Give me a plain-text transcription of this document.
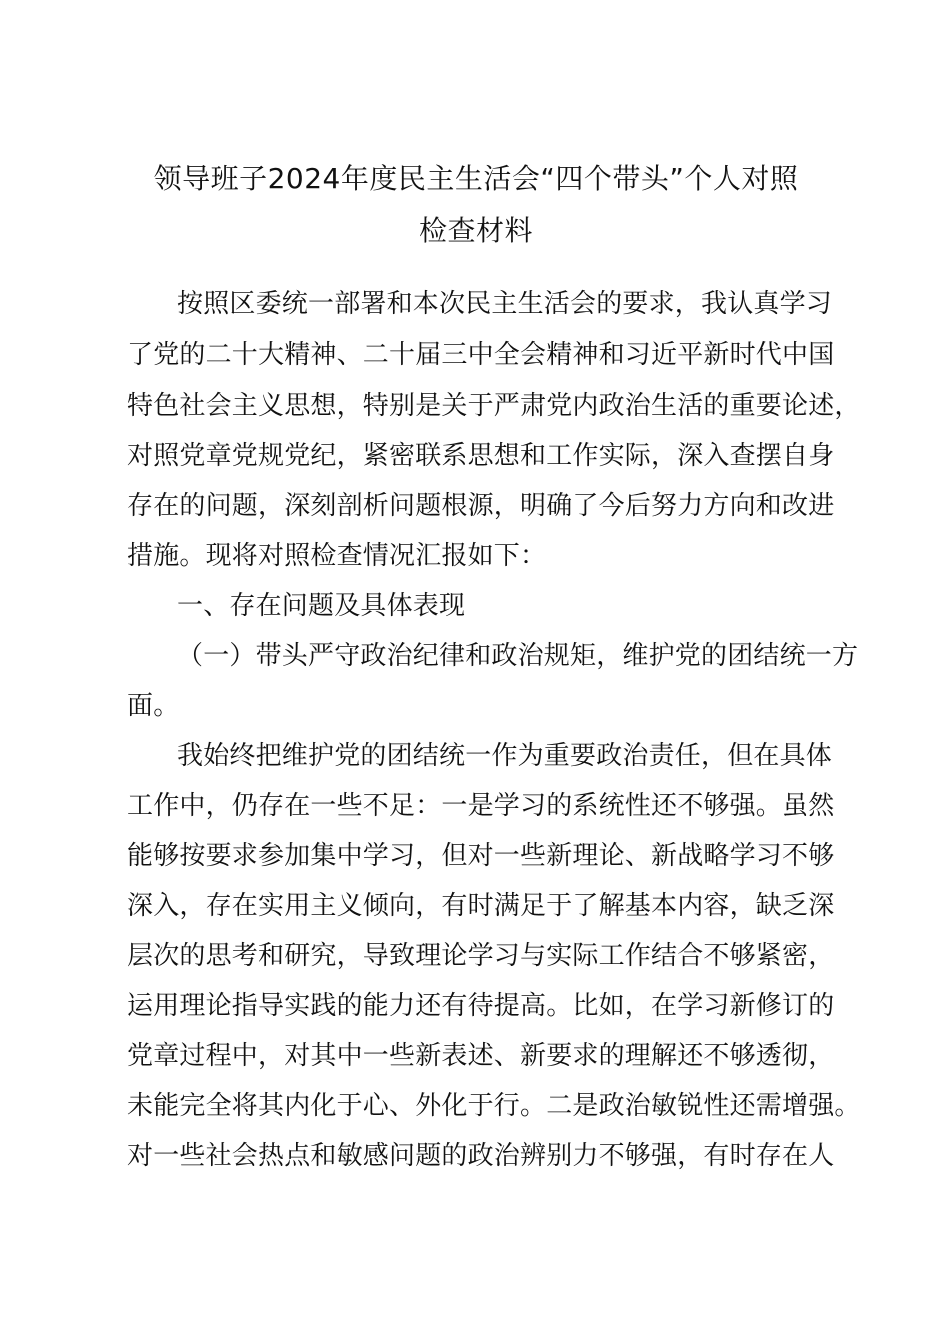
领导班子2024年度民主生活会“四个带头”个人对照
检查材料
按照区委统一部署和本次民主生活会的要求，我认真学习
了党的二十大精神、二十届三中全会精神和习近平新时代中国
特色社会主义思想，特别是关于严肃党内政治生活的重要论述，
对照党章党规党纪，紧密联系思想和工作实际，深入查摆自身
存在的问题，深刻剖析问题根源，明确了今后努力方向和改进
措施。现将对照检查情况汇报如下：
一、存在问题及具体表现
（一）带头严守政治纪律和政治规矩，维护党的团结统一方
面。
我始终把维护党的团结统一作为重要政治责任，但在具体
工作中，仍存在一些不足：一是学习的系统性还不够强。虽然
能够按要求参加集中学习，但对一些新理论、新战略学习不够
深入，存在实用主义倾向，有时满足于了解基本内容，缺乏深
层次的思考和研究，导致理论学习与实际工作结合不够紧密，
运用理论指导实践的能力还有待提高。比如，在学习新修订的
党章过程中，对其中一些新表述、新要求的理解还不够透彻，
未能完全将其内化于心、外化于行。二是政治敏锐性还需增强。
对一些社会热点和敏感问题的政治辨别力不够强，有时存在人
